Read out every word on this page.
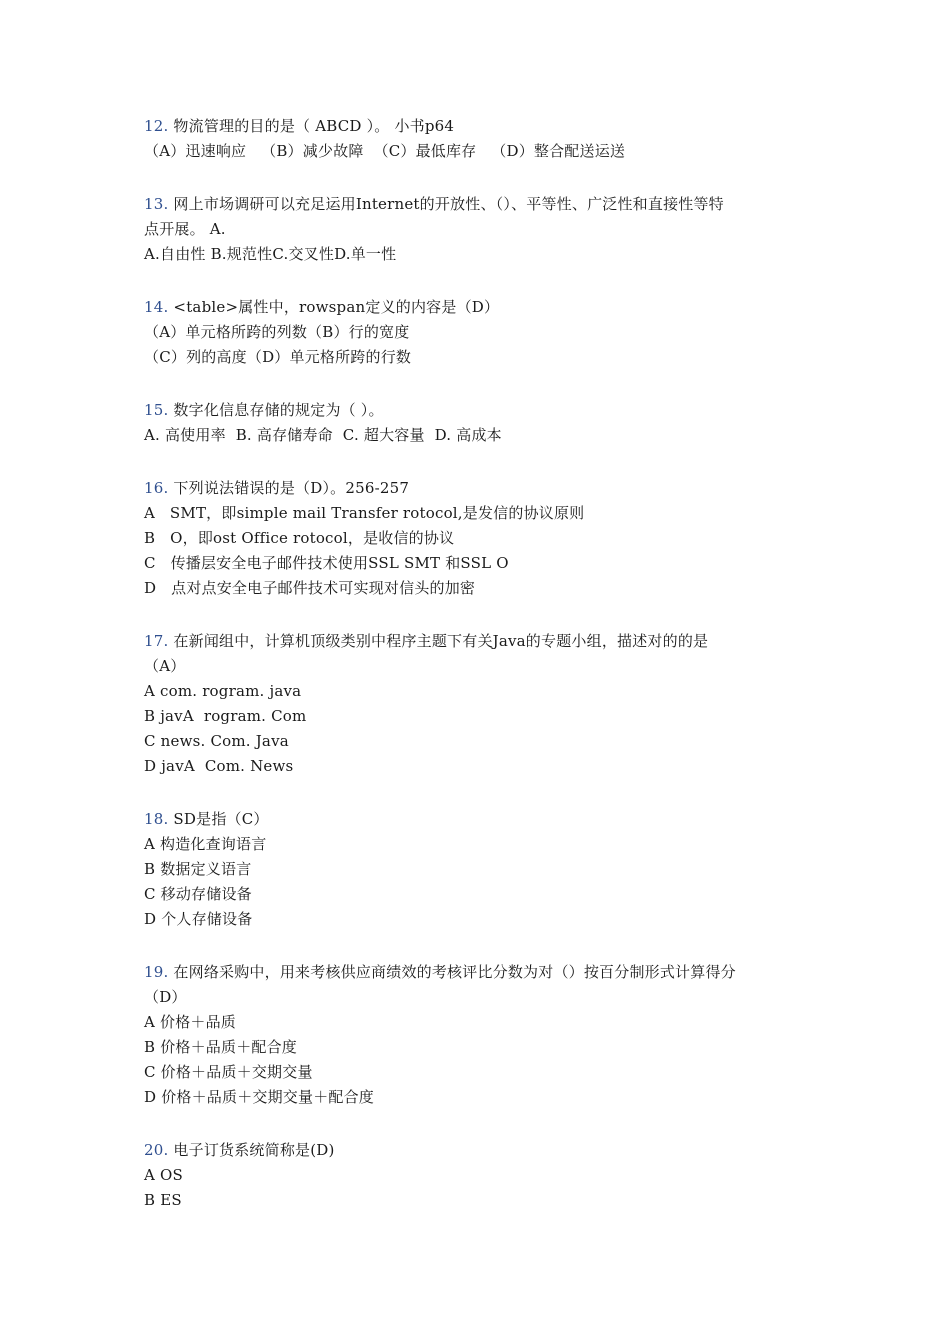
12. 物流管理的目的是（ ABCD ）。 小书p64
（A）迅速响应   （B）减少故障  （C）最低库存   （D）整合配送运送
13. 网上市场调研可以充足运用Internet的开放性、（）、平等性、广泛性和直接性等特
点开展。 A.
A.自由性 B.规范性C.交叉性D.单一性
14. <table>属性中，rowspan定义的内容是（D）
（A）单元格所跨的列数（B）行的宽度
（C）列的高度（D）单元格所跨的行数
15. 数字化信息存储的规定为（ ）。
A. 高使用率  B. 高存储寿命  C. 超大容量  D. 高成本
16. 下列说法错误的是（D）。256-257
A   SMT，即simple mail Transfer rotocol,是发信的协议原则
B   O，即ost Office rotocol，是收信的协议
C   传播层安全电子邮件技术使用SSL SMT 和SSL O
D   点对点安全电子邮件技术可实现对信头的加密
17. 在新闻组中，计算机顶级类别中程序主题下有关Java的专题小组，描述对的的是
（A）
A com. rogram. java
B javA  rogram. Com
C news. Com. Java
D javA  Com. News
18. SD是指（C）
A 构造化查询语言
B 数据定义语言
C 移动存储设备
D 个人存储设备
19. 在网络采购中，用来考核供应商绩效的考核评比分数为对（）按百分制形式计算得分
（D）
A 价格＋品质
B 价格＋品质＋配合度
C 价格＋品质＋交期交量
D 价格＋品质＋交期交量＋配合度
20. 电子订货系统简称是(D)
A OS
B ES
